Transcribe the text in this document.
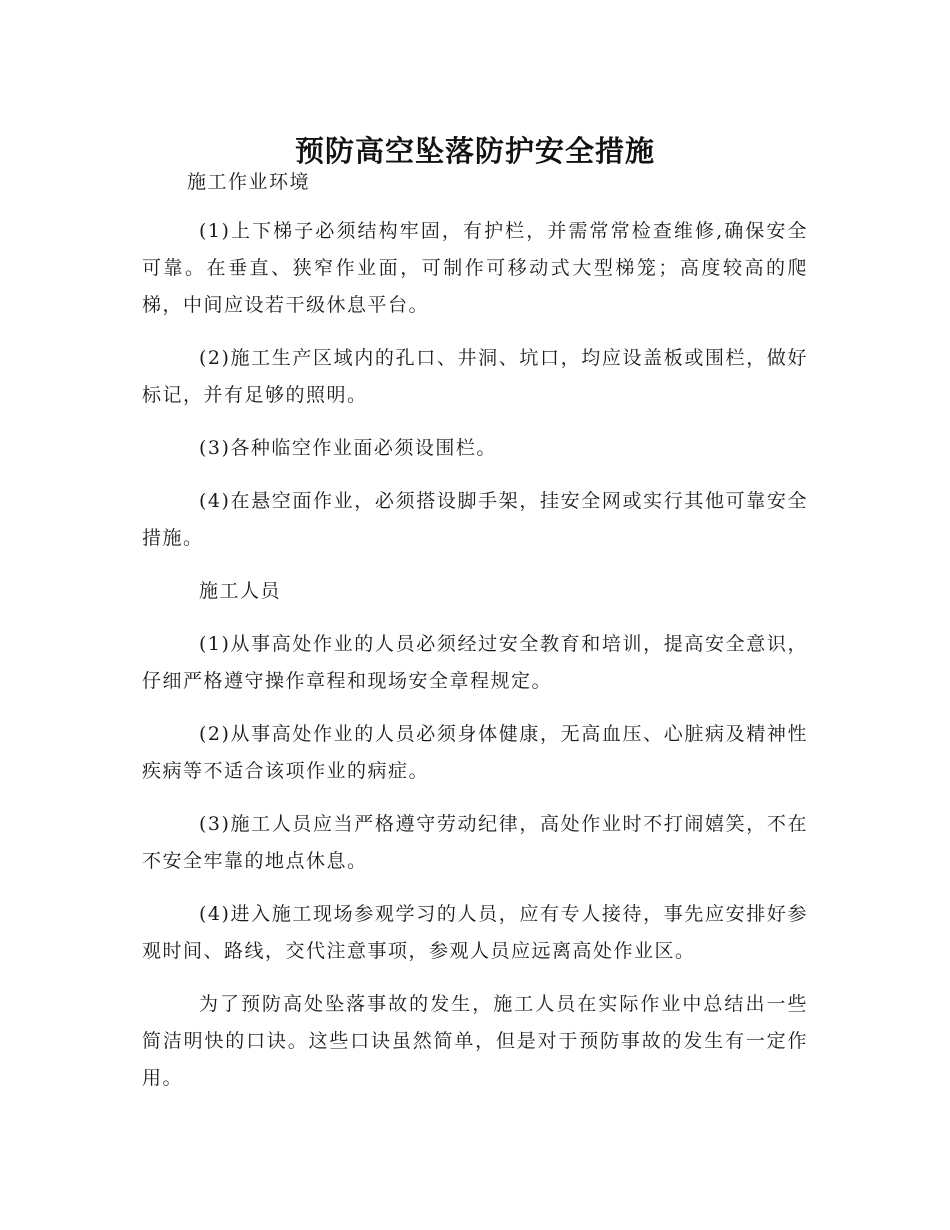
预防高空坠落防护安全措施

施工作业环境

(1)上下梯子必须结构牢固，有护栏，并需常常检查维修,确保安全可靠。在垂直、狭窄作业面，可制作可移动式大型梯笼；高度较高的爬梯，中间应设若干级休息平台。

(2)施工生产区域内的孔口、井洞、坑口，均应设盖板或围栏，做好标记，并有足够的照明。

(3)各种临空作业面必须设围栏。

(4)在悬空面作业，必须搭设脚手架，挂安全网或实行其他可靠安全措施。

施工人员

(1)从事高处作业的人员必须经过安全教育和培训，提高安全意识，仔细严格遵守操作章程和现场安全章程规定。

(2)从事高处作业的人员必须身体健康，无高血压、心脏病及精神性疾病等不适合该项作业的病症。

(3)施工人员应当严格遵守劳动纪律，高处作业时不打闹嬉笑，不在不安全牢靠的地点休息。

(4)进入施工现场参观学习的人员，应有专人接待，事先应安排好参观时间、路线，交代注意事项，参观人员应远离高处作业区。

为了预防高处坠落事故的发生，施工人员在实际作业中总结出一些简洁明快的口诀。这些口诀虽然简单，但是对于预防事故的发生有一定作用。
